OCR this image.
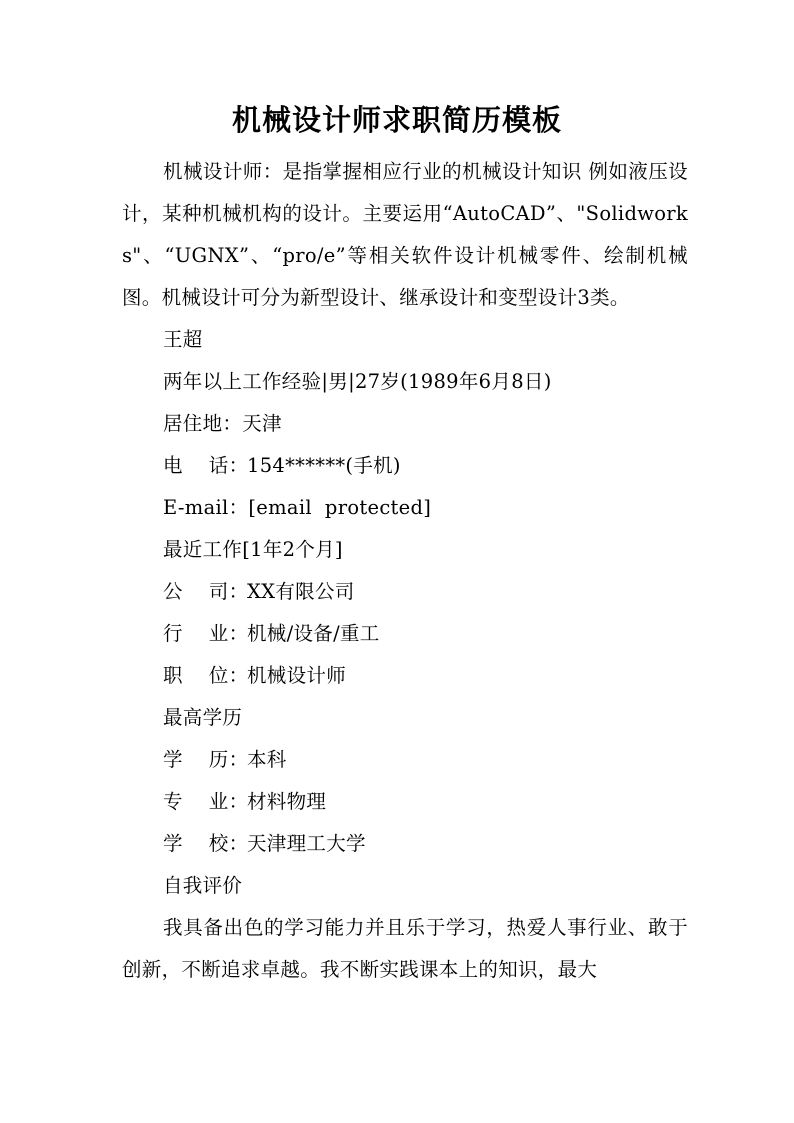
机械设计师求职简历模板

机械设计师：是指掌握相应行业的机械设计知识 例如液压设计，某种机械机构的设计。主要运用“AutoCAD”、"Solidworks"、“UGNX”、“pro/e”等相关软件设计机械零件、绘制机械图。机械设计可分为新型设计、继承设计和变型设计3类。

王超

两年以上工作经验|男|27岁(1989年6月8日)

居住地：天津

电    话：154******(手机)

E-mail：[email  protected]

最近工作[1年2个月]

公    司：XX有限公司

行    业：机械/设备/重工

职    位：机械设计师

最高学历

学    历：本科

专    业：材料物理

学    校：天津理工大学

自我评价

我具备出色的学习能力并且乐于学习，热爱人事行业、敢于创新，不断追求卓越。我不断实践课本上的知识，最大
